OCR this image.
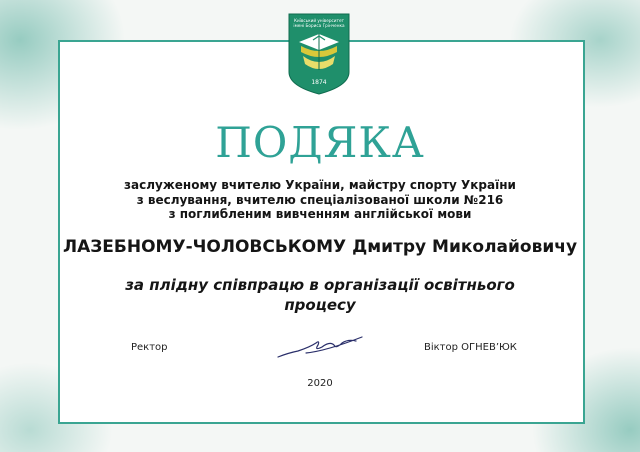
Київський університет
імені Бориса Грінченка
1874
ПОДЯКА
заслуженому вчителю України, майстру спорту України
з веслування, вчителю спеціалізованої школи №216
з поглибленим вивченням англійської мови
ЛАЗЕБНОМУ-ЧОЛОВСЬКОМУ Дмитру Миколайовичу
за плідну співпрацю в організації освітнього
процесу
Ректор	Віктор ОГНЕВ’ЮК
2020
